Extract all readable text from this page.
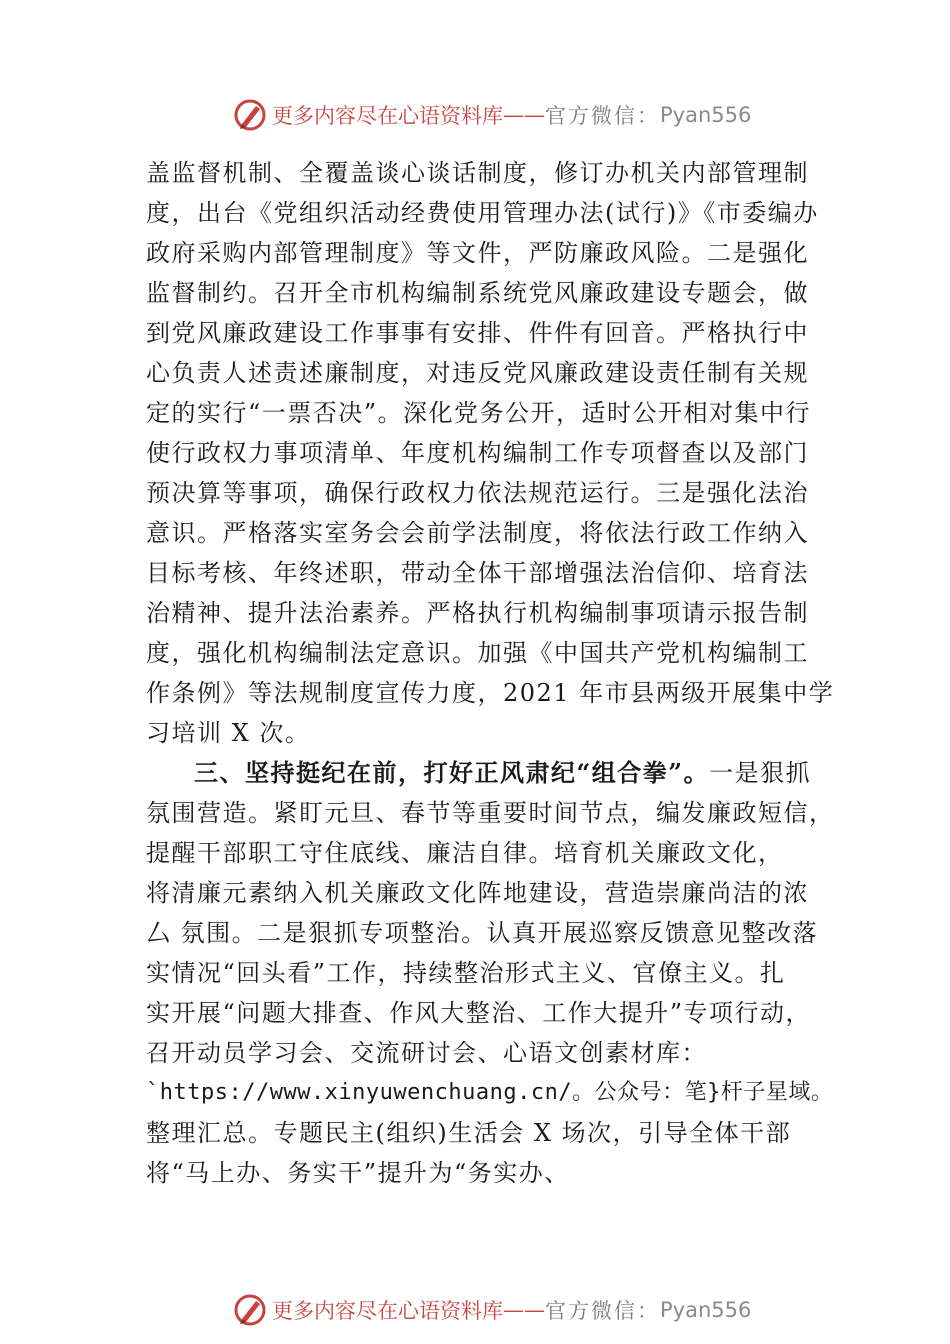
更多内容尽在心语资料库 —— 官方微信： Pyan556
盖监督机制、全覆盖谈心谈话制度，修订办机关内部管理制
度，出台《党组织活动经费使用管理办法(试行)》《市委编办
政府采购内部管理制度》等文件，严防廉政风险。二是强化
监督制约。召开全市机构编制系统党风廉政建设专题会，做
到党风廉政建设工作事事有安排、件件有回音。严格执行中
心负责人述责述廉制度，对违反党风廉政建设责任制有关规
定的实行“一票否决”。深化党务公开，适时公开相对集中行
使行政权力事项清单、年度机构编制工作专项督查以及部门
预决算等事项，确保行政权力依法规范运行。三是强化法治
意识。严格落实室务会会前学法制度，将依法行政工作纳入
目标考核、年终述职，带动全体干部增强法治信仰、培育法
治精神、提升法治素养。严格执行机构编制事项请示报告制
度，强化机构编制法定意识。加强《中国共产党机构编制工
作条例》等法规制度宣传力度，2021 年市县两级开展集中学
习培训 X 次。
三、坚持挺纪在前，打好正风肃纪“组合拳”。一是狠抓
氛围营造。紧盯元旦、春节等重要时间节点，编发廉政短信，
提醒干部职工守住底线、廉洁自律。培育机关廉政文化，
将清廉元素纳入机关廉政文化阵地建设，营造崇廉尚洁的浓
厶 氛围。二是狠抓专项整治。认真开展巡察反馈意见整改落
实情况“回头看”工作，持续整治形式主义、官僚主义。扎
实开展“问题大排查、作风大整治、工作大提升”专项行动，
召开动员学习会、交流研讨会、心语文创素材库：
`https://www.xinyuwenchuang.cn/。公众号：笔}杆子星域。
整理汇总。专题民主(组织)生活会 X 场次，引导全体干部
将“马上办、务实干”提升为“务实办、
更多内容尽在心语资料库 —— 官方微信： Pyan556
